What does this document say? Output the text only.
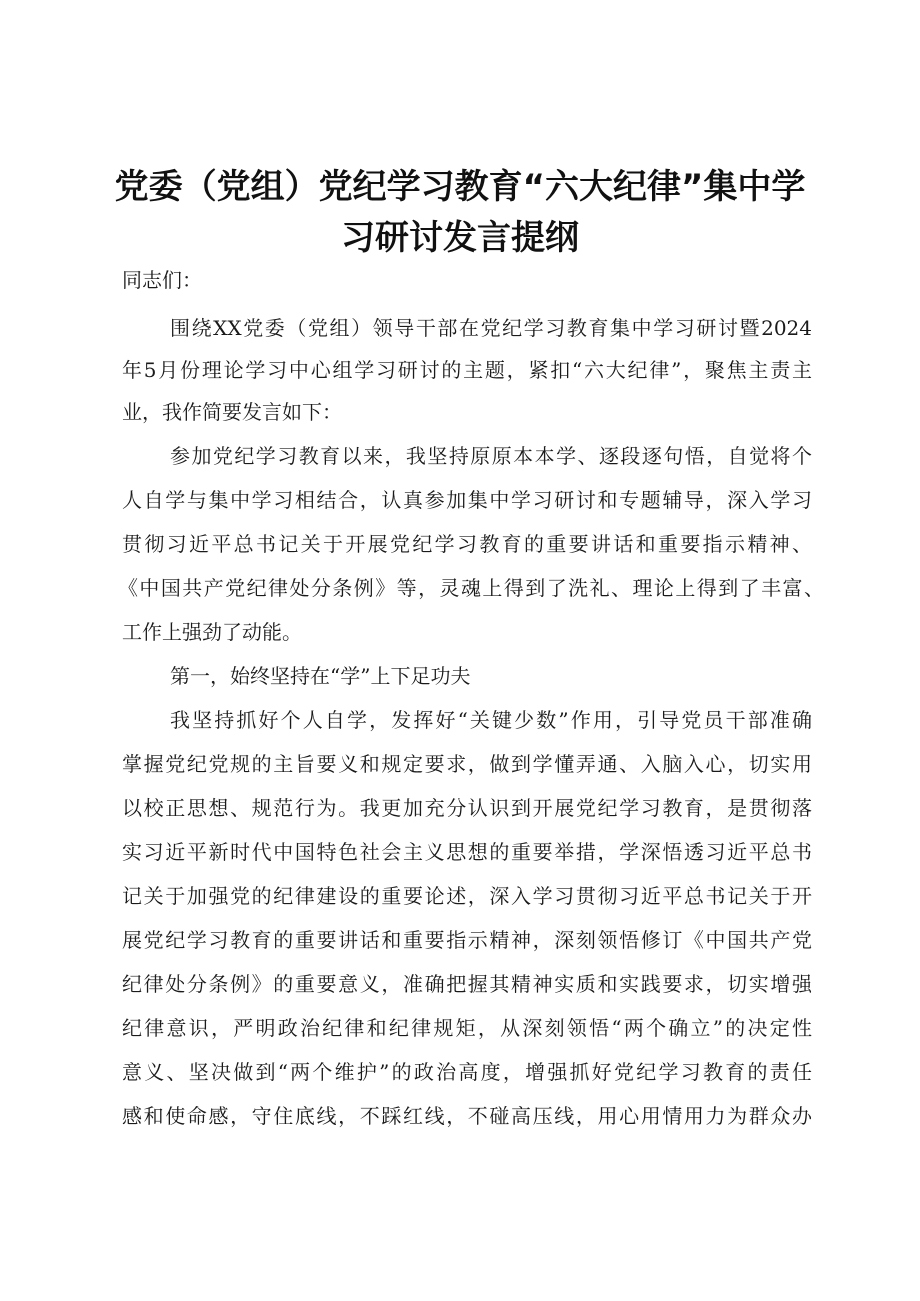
党委（党组）党纪学习教育“六大纪律”集中学
习研讨发言提纲
同志们：
围绕XX党委（党组）领导干部在党纪学习教育集中学习研讨暨2024
年5月份理论学习中心组学习研讨的主题，紧扣“六大纪律”，聚焦主责主
业，我作简要发言如下：
参加党纪学习教育以来，我坚持原原本本学、逐段逐句悟，自觉将个
人自学与集中学习相结合，认真参加集中学习研讨和专题辅导，深入学习
贯彻习近平总书记关于开展党纪学习教育的重要讲话和重要指示精神、
《中国共产党纪律处分条例》等，灵魂上得到了洗礼、理论上得到了丰富、
工作上强劲了动能。
第一，始终坚持在“学”上下足功夫
我坚持抓好个人自学，发挥好“关键少数”作用，引导党员干部准确
掌握党纪党规的主旨要义和规定要求，做到学懂弄通、入脑入心，切实用
以校正思想、规范行为。我更加充分认识到开展党纪学习教育，是贯彻落
实习近平新时代中国特色社会主义思想的重要举措，学深悟透习近平总书
记关于加强党的纪律建设的重要论述，深入学习贯彻习近平总书记关于开
展党纪学习教育的重要讲话和重要指示精神，深刻领悟修订《中国共产党
纪律处分条例》的重要意义，准确把握其精神实质和实践要求，切实增强
纪律意识，严明政治纪律和纪律规矩，从深刻领悟“两个确立”的决定性
意义、坚决做到“两个维护”的政治高度，增强抓好党纪学习教育的责任
感和使命感，守住底线，不踩红线，不碰高压线，用心用情用力为群众办
